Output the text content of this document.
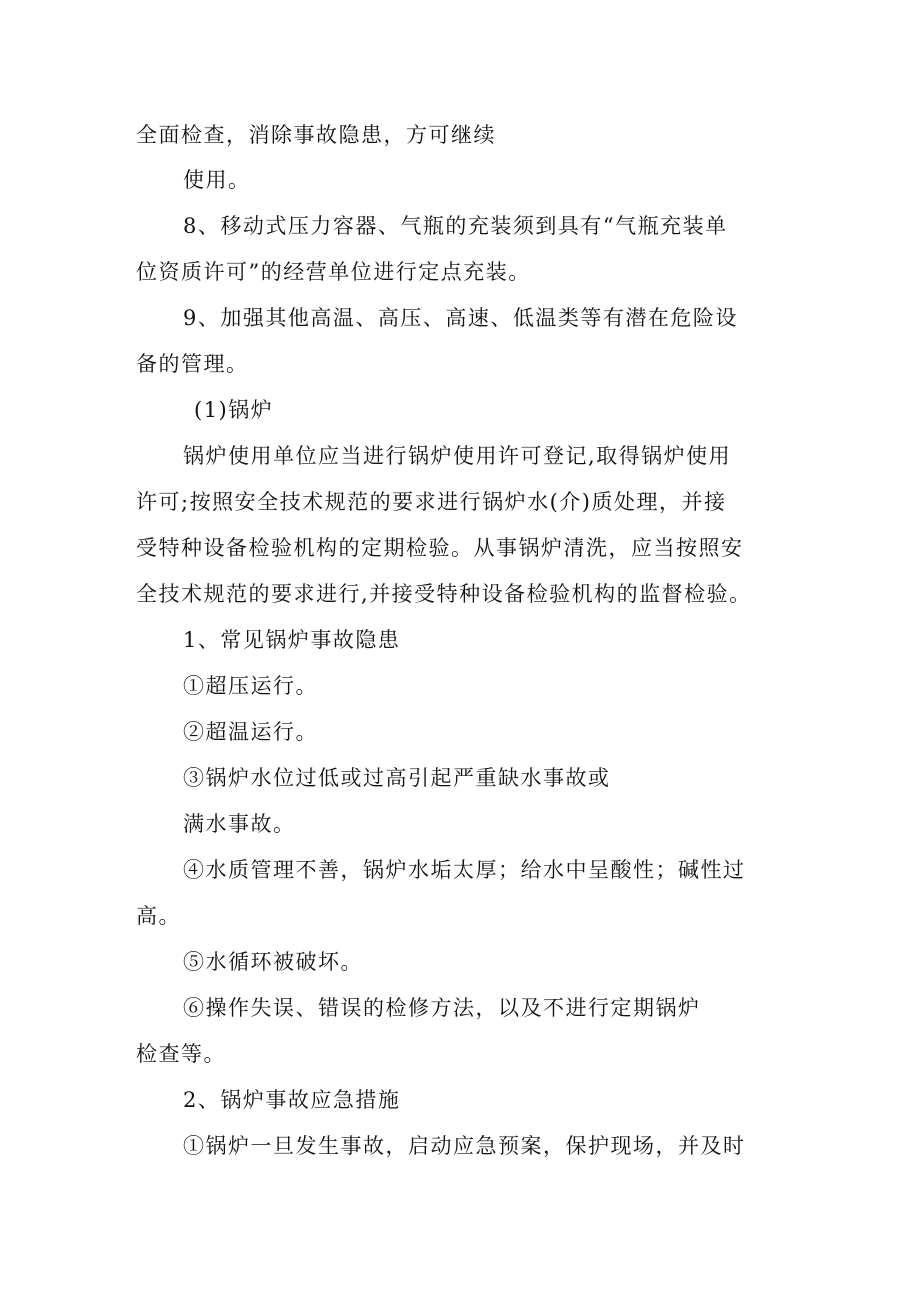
全面检查，消除事故隐患，方可继续
使用。
8、移动式压力容器、气瓶的充装须到具有“气瓶充装单
位资质许可”的经营单位进行定点充装。
9、加强其他高温、高压、高速、低温类等有潜在危险设
备的管理。
(1)锅炉
锅炉使用单位应当进行锅炉使用许可登记,取得锅炉使用
许可;按照安全技术规范的要求进行锅炉水(介)质处理，并接
受特种设备检验机构的定期检验。从事锅炉清洗，应当按照安
全技术规范的要求进行,并接受特种设备检验机构的监督检验。
1、常见锅炉事故隐患
①超压运行。
②超温运行。
③锅炉水位过低或过高引起严重缺水事故或
满水事故。
④水质管理不善，锅炉水垢太厚；给水中呈酸性；碱性过
高。
⑤水循环被破坏。
⑥操作失误、错误的检修方法，以及不进行定期锅炉
检查等。
2、锅炉事故应急措施
①锅炉一旦发生事故，启动应急预案，保护现场，并及时
